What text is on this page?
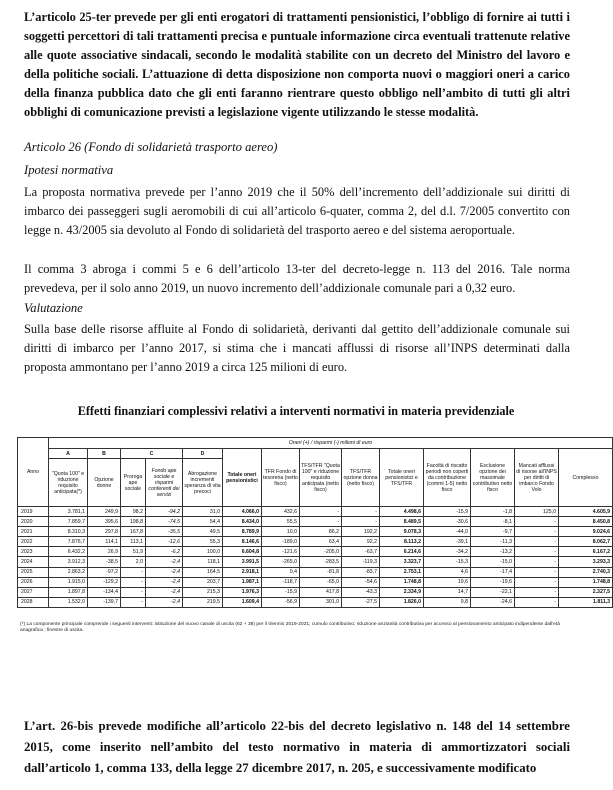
L’articolo 25-ter prevede per gli enti erogatori di trattamenti pensionistici, l’obbligo di fornire ai tutti i soggetti percettori di tali trattamenti precisa e puntuale informazione circa eventuali trattenute relative alle quote associative sindacali, secondo le modalità stabilite con un decreto del Ministro del lavoro e della politiche sociali. L’attuazione di detta disposizione non comporta nuovi o maggiori oneri a carico della finanza pubblica dato che gli enti faranno rientrare questo obbligo nell’ambito di tutti gli altri obblighi di comunicazione previsti a legislazione vigente utilizzando le stesse modalità.

Articolo 26 (Fondo di solidarietà trasporto aereo)
Ipotesi normativa

La proposta normativa prevede per l’anno 2019 che il 50% dell’incremento dell’addizionale sui diritti di imbarco dei passeggeri sugli aeromobili di cui all’articolo 6-quater, comma 2, del d.l. 7/2005 convertito con legge n. 43/2005 sia devoluto al Fondo di solidarietà del trasporto aereo e del sistema aeroportuale.

Il comma 3 abroga i commi 5 e 6 dell’articolo 13-ter del decreto-legge n. 113 del 2016. Tale norma prevedeva, per il solo anno 2019, un nuovo incremento dell’addizionale comunale pari a 0,32 euro.

Valutazione

Sulla base delle risorse affluite al Fondo di solidarietà, derivanti dal gettito dell’addizionale comunale sui diritti di imbarco per l’anno 2017, si stima che i mancati afflussi di risorse all’INPS determinati dalla proposta ammontano per l’anno 2019 a circa 125 milioni di euro.

Effetti finanziari complessivi relativi a interventi normativi in materia previdenziale
Anno	Oneri (+) / risparmi (-) milioni di euro													
	A	B	C		D	Totale oneri pensionistici	TFR Fondo di tesoreria (netto fisco)	TFS/TFR "Quota 100" e riduzione requisito anticipata (netto fisco)	TFS/TFR opzione donna (netto fisco)	Totale oneri pensionistici e TFS/TFR	Facoltà di riscatto periodi non coperti da contribuzione (commi 1-5) netto fisco	Esclusione opzione dei massimale contributivo netto fisco	Mancati afflussi di risorse all'INPS per diritti di imbarco Fondo Volo	Complesso
	"Quota 100" e riduzione requisito anticipata(*)	Opzione donne	Proroga ape sociale	Fondo ape sociale e risparmi conferenti dei servizi	Abrogazione incrementi speranza di vita precoci									
2019	3.781,1	249,9	98,2	-94,2	31,0	4.066,0	432,6	-	-	4.498,6	-15,9	-1,8	125,0	4.605,9
2020	7.859,7	395,6	198,8	-74,5	54,4	8.434,0	55,5	-	-	8.489,5	-30,6	-8,1	-	8.450,8
2021	8.310,3	297,8	167,8	-35,5	49,5	8.789,9	10,0	86,2	192,2	9.078,3	-44,0	-9,7	-	9.024,6
2022	7.876,7	114,1	113,1	-12,6	55,3	8.146,6	-189,0	63,4	92,2	8.113,2	-39,1	-11,3	-	8.062,7
2023	6.432,2	26,9	51,9	-6,2	100,0	6.604,8	-121,6	-205,0	-63,7	6.214,6	-34,2	-13,2	-	6.167,2
2024	3.912,3	-38,5	2,0	-2,4	118,1	3.991,5	-265,0	-283,5	-119,3	3.323,7	-15,3	-15,0	-	3.293,3
2025	2.863,2	-97,2	-	-2,4	164,5	2.918,1	0,4	-81,8	-83,7	2.753,1	4,6	-17,4	-	2.740,3
2026	1.915,0	-129,2	-	-2,4	203,7	1.987,1	-118,7	-65,0	-54,6	1.748,8	19,6	-19,6	-	1.748,8
2027	1.897,8	-134,4	-	-2,4	215,3	1.976,3	-15,9	417,8	-43,3	2.334,9	14,7	-22,1	-	2.327,5
2028	1.532,0	-139,7	-	-2,4	219,5	1.609,4	-56,9	301,0	-27,5	1.826,0	9,8	-24,6	-	1.811,3
(*) La componente principale comprende i seguenti interventi: istituzione del nuovo canale di uscita (62 + 38) per il triennio 2019-2021; cumulo contributivo; riduzione anzianità contributiva per accesso al pensionamento anticipato indipendente dall'età anagrafica ; finestre di uscita.

L’art. 26-bis prevede modifiche all’articolo 22-bis del decreto legislativo n. 148 del 14 settembre 2015, come inserito nell’ambito del testo normativo in materia di ammortizzatori sociali dall’articolo 1, comma 133, della legge 27 dicembre 2017, n. 205, e successivamente modificato
